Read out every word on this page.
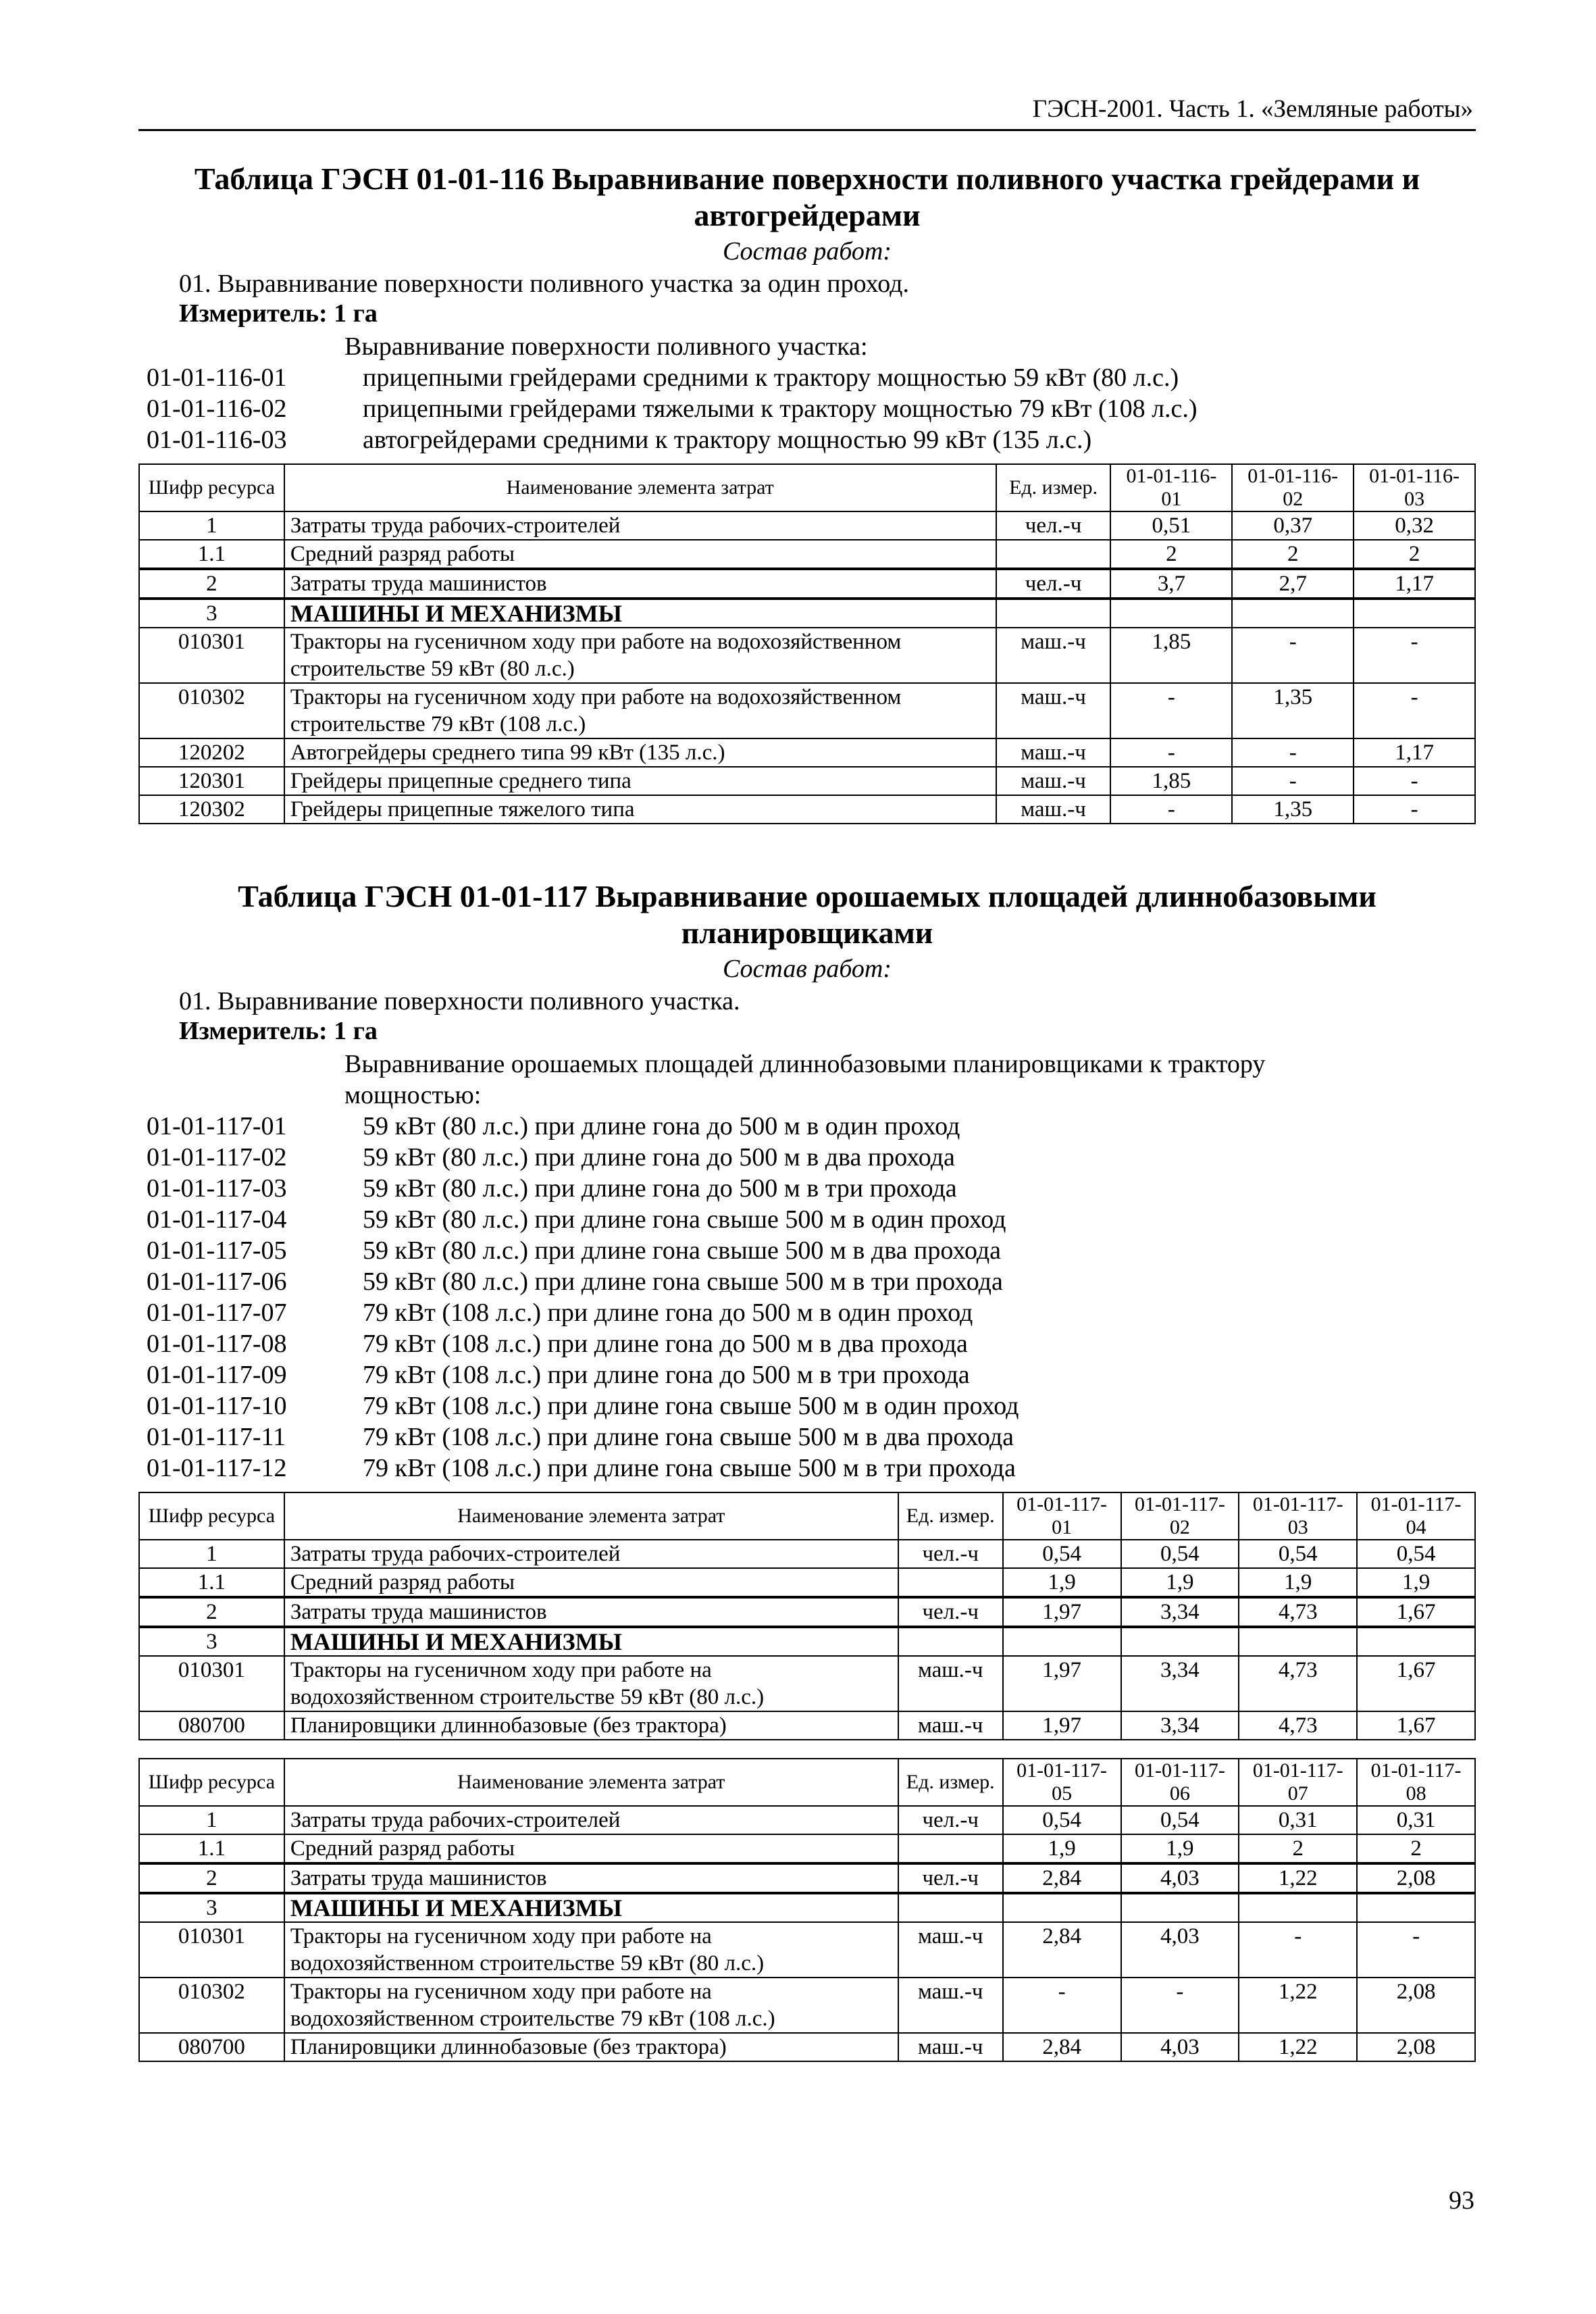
ГЭСН-2001. Часть 1. «Земляные работы»
Таблица ГЭСН 01-01-116 Выравнивание поверхности поливного участка грейдерами и
автогрейдерами
Состав работ:
01. Выравнивание поверхности поливного участка за один проход.
Измеритель: 1 га
Выравнивание поверхности поливного участка:
01-01-116-01	прицепными грейдерами средними к трактору мощностью 59 кВт (80 л.с.)
01-01-116-02	прицепными грейдерами тяжелыми к трактору мощностью 79 кВт (108 л.с.)
01-01-116-03	автогрейдерами средними к трактору мощностью 99 кВт (135 л.с.)
Шифр ресурса	Наименование элемента затрат	Ед. измер.	01-01-116-01	01-01-116-02	01-01-116-03
1	Затраты труда рабочих-строителей	чел.-ч	0,51	0,37	0,32
1.1	Средний разряд работы		2	2	2
2	Затраты труда машинистов	чел.-ч	3,7	2,7	1,17
3	МАШИНЫ И МЕХАНИЗМЫ				
010301	Тракторы на гусеничном ходу при работе на водохозяйственном строительстве 59 кВт (80 л.с.)	маш.-ч	1,85	-	-
010302	Тракторы на гусеничном ходу при работе на водохозяйственном строительстве 79 кВт (108 л.с.)	маш.-ч	-	1,35	-
120202	Автогрейдеры среднего типа 99 кВт (135 л.с.)	маш.-ч	-	-	1,17
120301	Грейдеры прицепные среднего типа	маш.-ч	1,85	-	-
120302	Грейдеры прицепные тяжелого типа	маш.-ч	-	1,35	-
Таблица ГЭСН 01-01-117 Выравнивание орошаемых площадей длиннобазовыми
планировщиками
Состав работ:
01. Выравнивание поверхности поливного участка.
Измеритель: 1 га
Выравнивание орошаемых площадей длиннобазовыми планировщиками к трактору
мощностью:
01-01-117-01	59 кВт (80 л.с.) при длине гона до 500 м в один проход
01-01-117-02	59 кВт (80 л.с.) при длине гона до 500 м в два прохода
01-01-117-03	59 кВт (80 л.с.) при длине гона до 500 м в три прохода
01-01-117-04	59 кВт (80 л.с.) при длине гона свыше 500 м в один проход
01-01-117-05	59 кВт (80 л.с.) при длине гона свыше 500 м в два прохода
01-01-117-06	59 кВт (80 л.с.) при длине гона свыше 500 м в три прохода
01-01-117-07	79 кВт (108 л.с.) при длине гона до 500 м в один проход
01-01-117-08	79 кВт (108 л.с.) при длине гона до 500 м в два прохода
01-01-117-09	79 кВт (108 л.с.) при длине гона до 500 м в три прохода
01-01-117-10	79 кВт (108 л.с.) при длине гона свыше 500 м в один проход
01-01-117-11	79 кВт (108 л.с.) при длине гона свыше 500 м в два прохода
01-01-117-12	79 кВт (108 л.с.) при длине гона свыше 500 м в три прохода
Шифр ресурса	Наименование элемента затрат	Ед. измер.	01-01-117-01	01-01-117-02	01-01-117-03	01-01-117-04
1	Затраты труда рабочих-строителей	чел.-ч	0,54	0,54	0,54	0,54
1.1	Средний разряд работы		1,9	1,9	1,9	1,9
2	Затраты труда машинистов	чел.-ч	1,97	3,34	4,73	1,67
3	МАШИНЫ И МЕХАНИЗМЫ					
010301	Тракторы на гусеничном ходу при работе на водохозяйственном строительстве 59 кВт (80 л.с.)	маш.-ч	1,97	3,34	4,73	1,67
080700	Планировщики длиннобазовые (без трактора)	маш.-ч	1,97	3,34	4,73	1,67
Шифр ресурса	Наименование элемента затрат	Ед. измер.	01-01-117-05	01-01-117-06	01-01-117-07	01-01-117-08
1	Затраты труда рабочих-строителей	чел.-ч	0,54	0,54	0,31	0,31
1.1	Средний разряд работы		1,9	1,9	2	2
2	Затраты труда машинистов	чел.-ч	2,84	4,03	1,22	2,08
3	МАШИНЫ И МЕХАНИЗМЫ					
010301	Тракторы на гусеничном ходу при работе на водохозяйственном строительстве 59 кВт (80 л.с.)	маш.-ч	2,84	4,03	-	-
010302	Тракторы на гусеничном ходу при работе на водохозяйственном строительстве 79 кВт (108 л.с.)	маш.-ч	-	-	1,22	2,08
080700	Планировщики длиннобазовые (без трактора)	маш.-ч	2,84	4,03	1,22	2,08
93
